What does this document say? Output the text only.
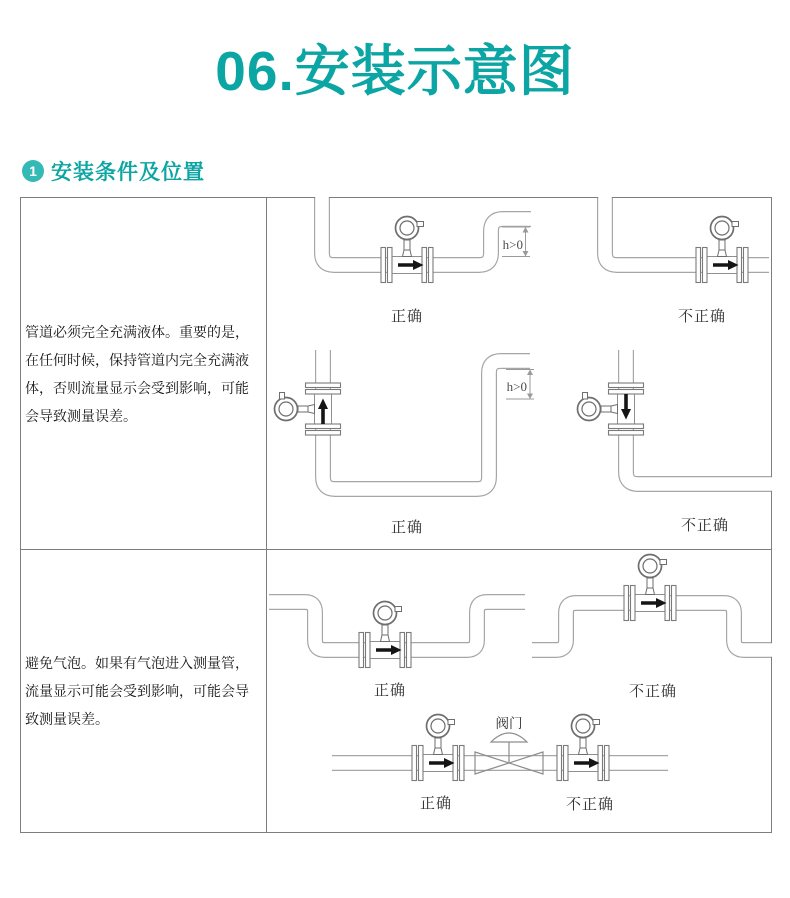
06.安装示意图
1 安装条件及位置

管道必须完全充满液体。重要的是，在任何时候，保持管道内完全充满液体，否则流量显示会受到影响，可能会导致测量误差。

h>0
正确	不正确
h>0
正确	不正确

避免气泡。如果有气泡进入测量管，流量显示可能会受到影响，可能会导致测量误差。

正确	不正确
阀门
正确	不正确
